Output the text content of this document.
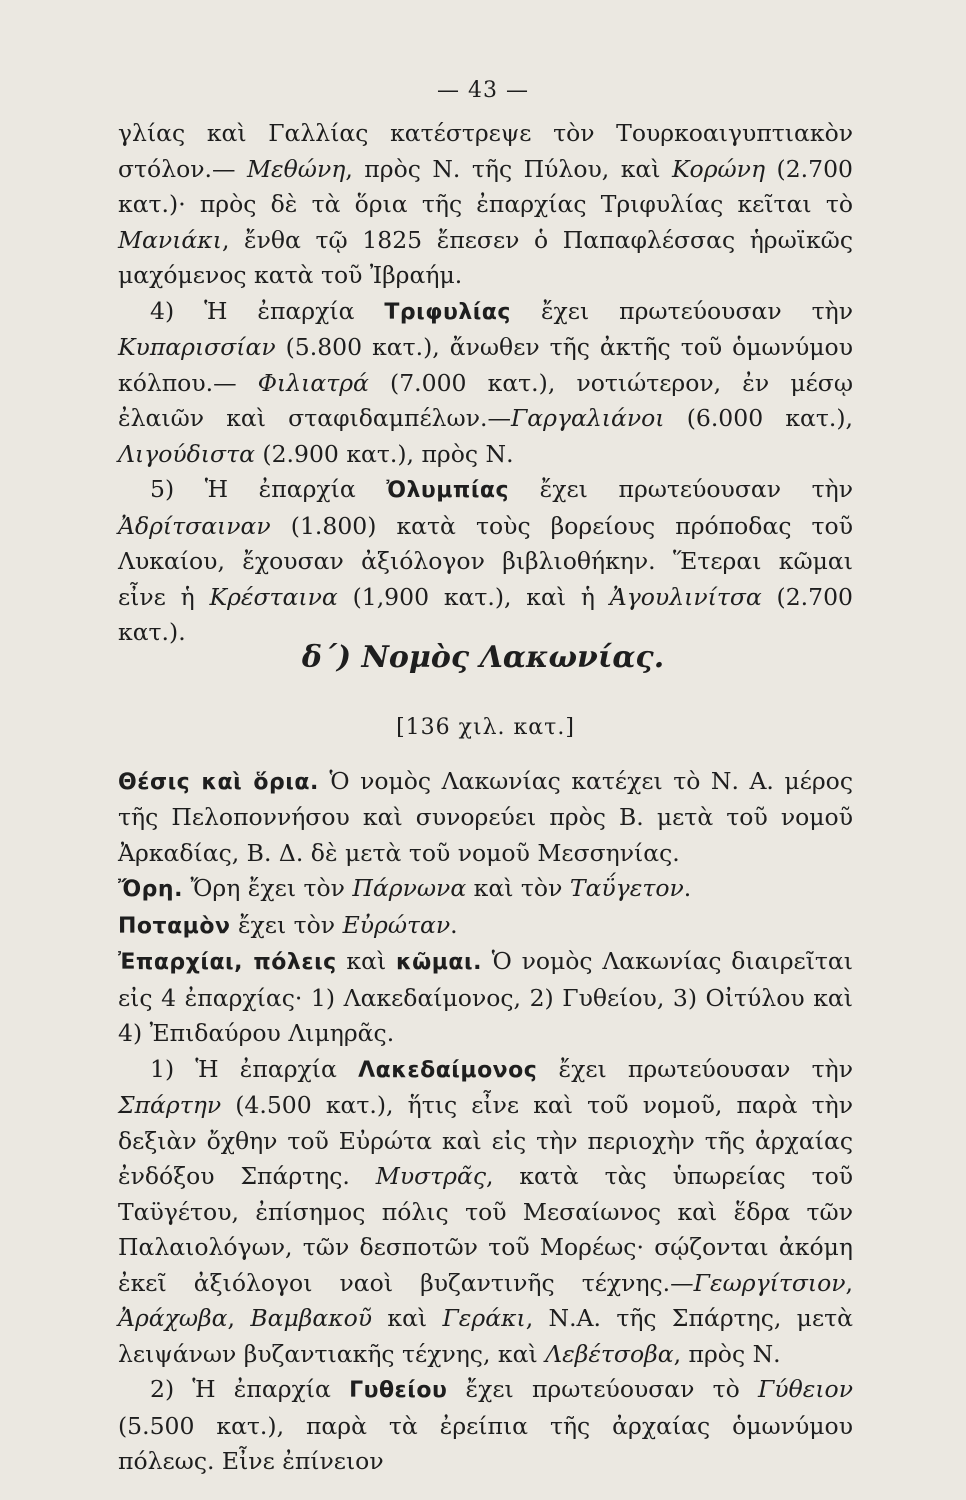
— 43 —

γλίας καὶ Γαλλίας κατέστρεψε τὸν Τουρκοαιγυπτιακὸν στόλον.— Μεθώνη, πρὸς Ν. τῆς Πύλου, καὶ Κορώνη (2.700 κατ.)· πρὸς δὲ τὰ ὅρια τῆς ἐπαρχίας Τριφυλίας κεῖται τὸ Μανιάκι, ἔνθα τῷ 1825 ἔπεσεν ὁ Παπαφλέσσας ἡρωϊκῶς μαχόμενος κατὰ τοῦ Ἰβραήμ.

4) Ἡ ἐπαρχία Τριφυλίας ἔχει πρωτεύουσαν τὴν Κυπαρισσίαν (5.800 κατ.), ἄνωθεν τῆς ἀκτῆς τοῦ ὁμωνύμου κόλπου.— Φιλιατρά (7.000 κατ.), νοτιώτερον, ἐν μέσῳ ἐλαιῶν καὶ σταφιδαμπέλων.—Γαργαλιάνοι (6.000 κατ.), Λιγούδιστα (2.900 κατ.), πρὸς Ν.

5) Ἡ ἐπαρχία Ὀλυμπίας ἔχει πρωτεύουσαν τὴν Ἀδρίτσαιναν (1.800) κατὰ τοὺς βορείους πρόποδας τοῦ Λυκαίου, ἔχουσαν ἀξιόλογον βιβλιοθήκην. Ἕτεραι κῶμαι εἶνε ἡ Κρέσταινα (1,900 κατ.), καὶ ἡ Ἀγουλινίτσα (2.700 κατ.).

δ΄) Νομὸς Λακωνίας.
[136 χιλ. κατ.]

Θέσις καὶ ὅρια. Ὁ νομὸς Λακωνίας κατέχει τὸ Ν. Α. μέρος τῆς Πελοποννήσου καὶ συνορεύει πρὸς Β. μετὰ τοῦ νομοῦ Ἀρκαδίας, Β. Δ. δὲ μετὰ τοῦ νομοῦ Μεσσηνίας.

Ὄρη. Ὄρη ἔχει τὸν Πάρνωνα καὶ τὸν Ταΰγετον.

Ποταμὸν ἔχει τὸν Εὐρώταν.

Ἐπαρχίαι, πόλεις καὶ κῶμαι. Ὁ νομὸς Λακωνίας διαιρεῖται εἰς 4 ἐπαρχίας· 1) Λακεδαίμονος, 2) Γυθείου, 3) Οἰτύλου καὶ 4) Ἐπιδαύρου Λιμηρᾶς.

1) Ἡ ἐπαρχία Λακεδαίμονος ἔχει πρωτεύουσαν τὴν Σπάρτην (4.500 κατ.), ἥτις εἶνε καὶ τοῦ νομοῦ, παρὰ τὴν δεξιὰν ὄχθην τοῦ Εὐρώτα καὶ εἰς τὴν περιοχὴν τῆς ἀρχαίας ἐνδόξου Σπάρτης. Μυστρᾶς, κατὰ τὰς ὑπωρείας τοῦ Ταϋγέτου, ἐπίσημος πόλις τοῦ Μεσαίωνος καὶ ἕδρα τῶν Παλαιολόγων, τῶν δεσποτῶν τοῦ Μορέως· σῴζονται ἀκόμη ἐκεῖ ἀξιόλογοι ναοὶ βυζαντινῆς τέχνης.—Γεωργίτσιον, Ἀράχωβα, Βαμβακοῦ καὶ Γεράκι, Ν.Α. τῆς Σπάρτης, μετὰ λειψάνων βυζαντιακῆς τέχνης, καὶ Λεβέτσοβα, πρὸς Ν.

2) Ἡ ἐπαρχία Γυθείου ἔχει πρωτεύουσαν τὸ Γύθειον (5.500 κατ.), παρὰ τὰ ἐρείπια τῆς ἀρχαίας ὁμωνύμου πόλεως. Εἶνε ἐπίνειον
